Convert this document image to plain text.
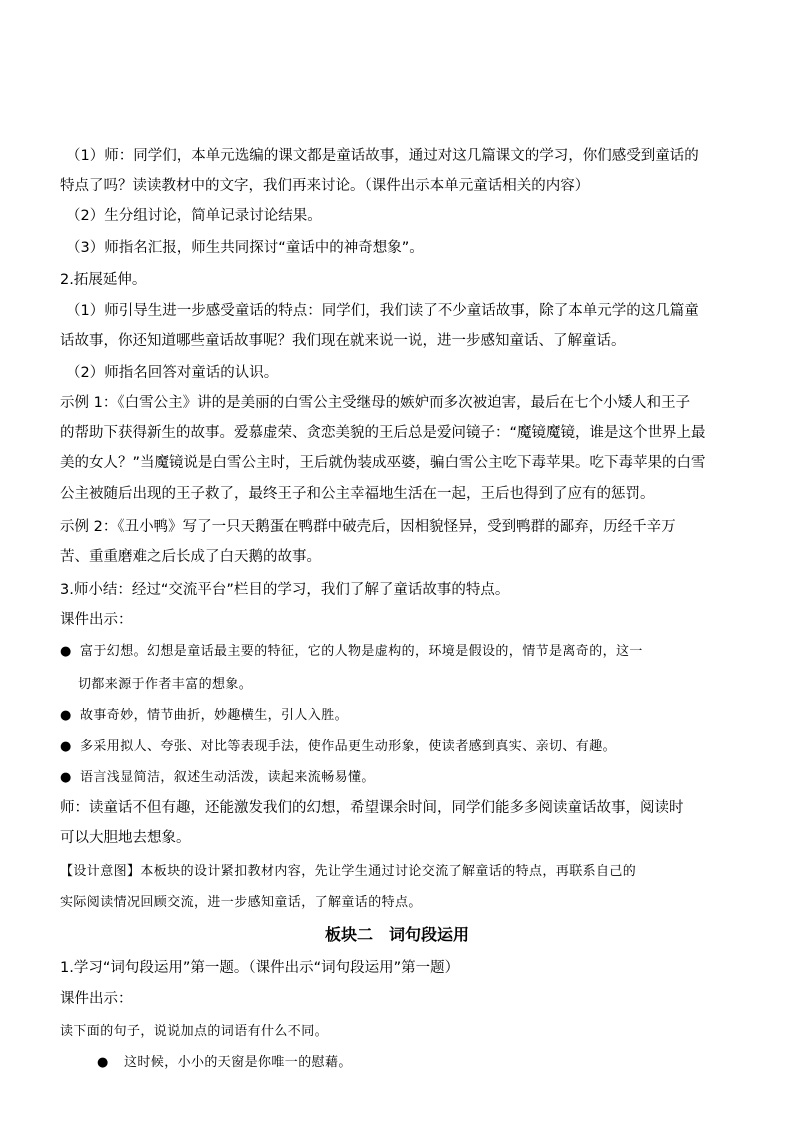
（1）师：同学们，本单元选编的课文都是童话故事，通过对这几篇课文的学习，你们感受到童话的
特点了吗？读读教材中的文字，我们再来讨论。（课件出示本单元童话相关的内容）
（2）生分组讨论，简单记录讨论结果。
（3）师指名汇报，师生共同探讨“童话中的神奇想象”。
2.拓展延伸。
（1）师引导生进一步感受童话的特点：同学们，我们读了不少童话故事，除了本单元学的这几篇童
话故事，你还知道哪些童话故事呢？我们现在就来说一说，进一步感知童话、了解童话。
（2）师指名回答对童话的认识。
示例 1：《白雪公主》讲的是美丽的白雪公主受继母的嫉妒而多次被迫害，最后在七个小矮人和王子
的帮助下获得新生的故事。爱慕虚荣、贪恋美貌的王后总是爱问镜子：“魔镜魔镜，谁是这个世界上最
美的女人？”当魔镜说是白雪公主时，王后就伪装成巫婆，骗白雪公主吃下毒苹果。吃下毒苹果的白雪
公主被随后出现的王子救了，最终王子和公主幸福地生活在一起，王后也得到了应有的惩罚。
示例 2：《丑小鸭》写了一只天鹅蛋在鸭群中破壳后，因相貌怪异，受到鸭群的鄙弃，历经千辛万
苦、重重磨难之后长成了白天鹅的故事。
3.师小结：经过“交流平台”栏目的学习，我们了解了童话故事的特点。
课件出示：
● 富于幻想。幻想是童话最主要的特征，它的人物是虚构的，环境是假设的，情节是离奇的，这一
切都来源于作者丰富的想象。
● 故事奇妙，情节曲折，妙趣横生，引人入胜。
● 多采用拟人、夸张、对比等表现手法，使作品更生动形象，使读者感到真实、亲切、有趣。
● 语言浅显简洁，叙述生动活泼，读起来流畅易懂。
师：读童话不但有趣，还能激发我们的幻想，希望课余时间，同学们能多多阅读童话故事，阅读时
可以大胆地去想象。
【设计意图】本板块的设计紧扣教材内容，先让学生通过讨论交流了解童话的特点，再联系自己的
实际阅读情况回顾交流，进一步感知童话，了解童话的特点。
板块二　词句段运用
1.学习“词句段运用”第一题。（课件出示“词句段运用”第一题）
课件出示：
读下面的句子，说说加点的词语有什么不同。
● 这时候，小小的天窗是你唯一的慰藉。
